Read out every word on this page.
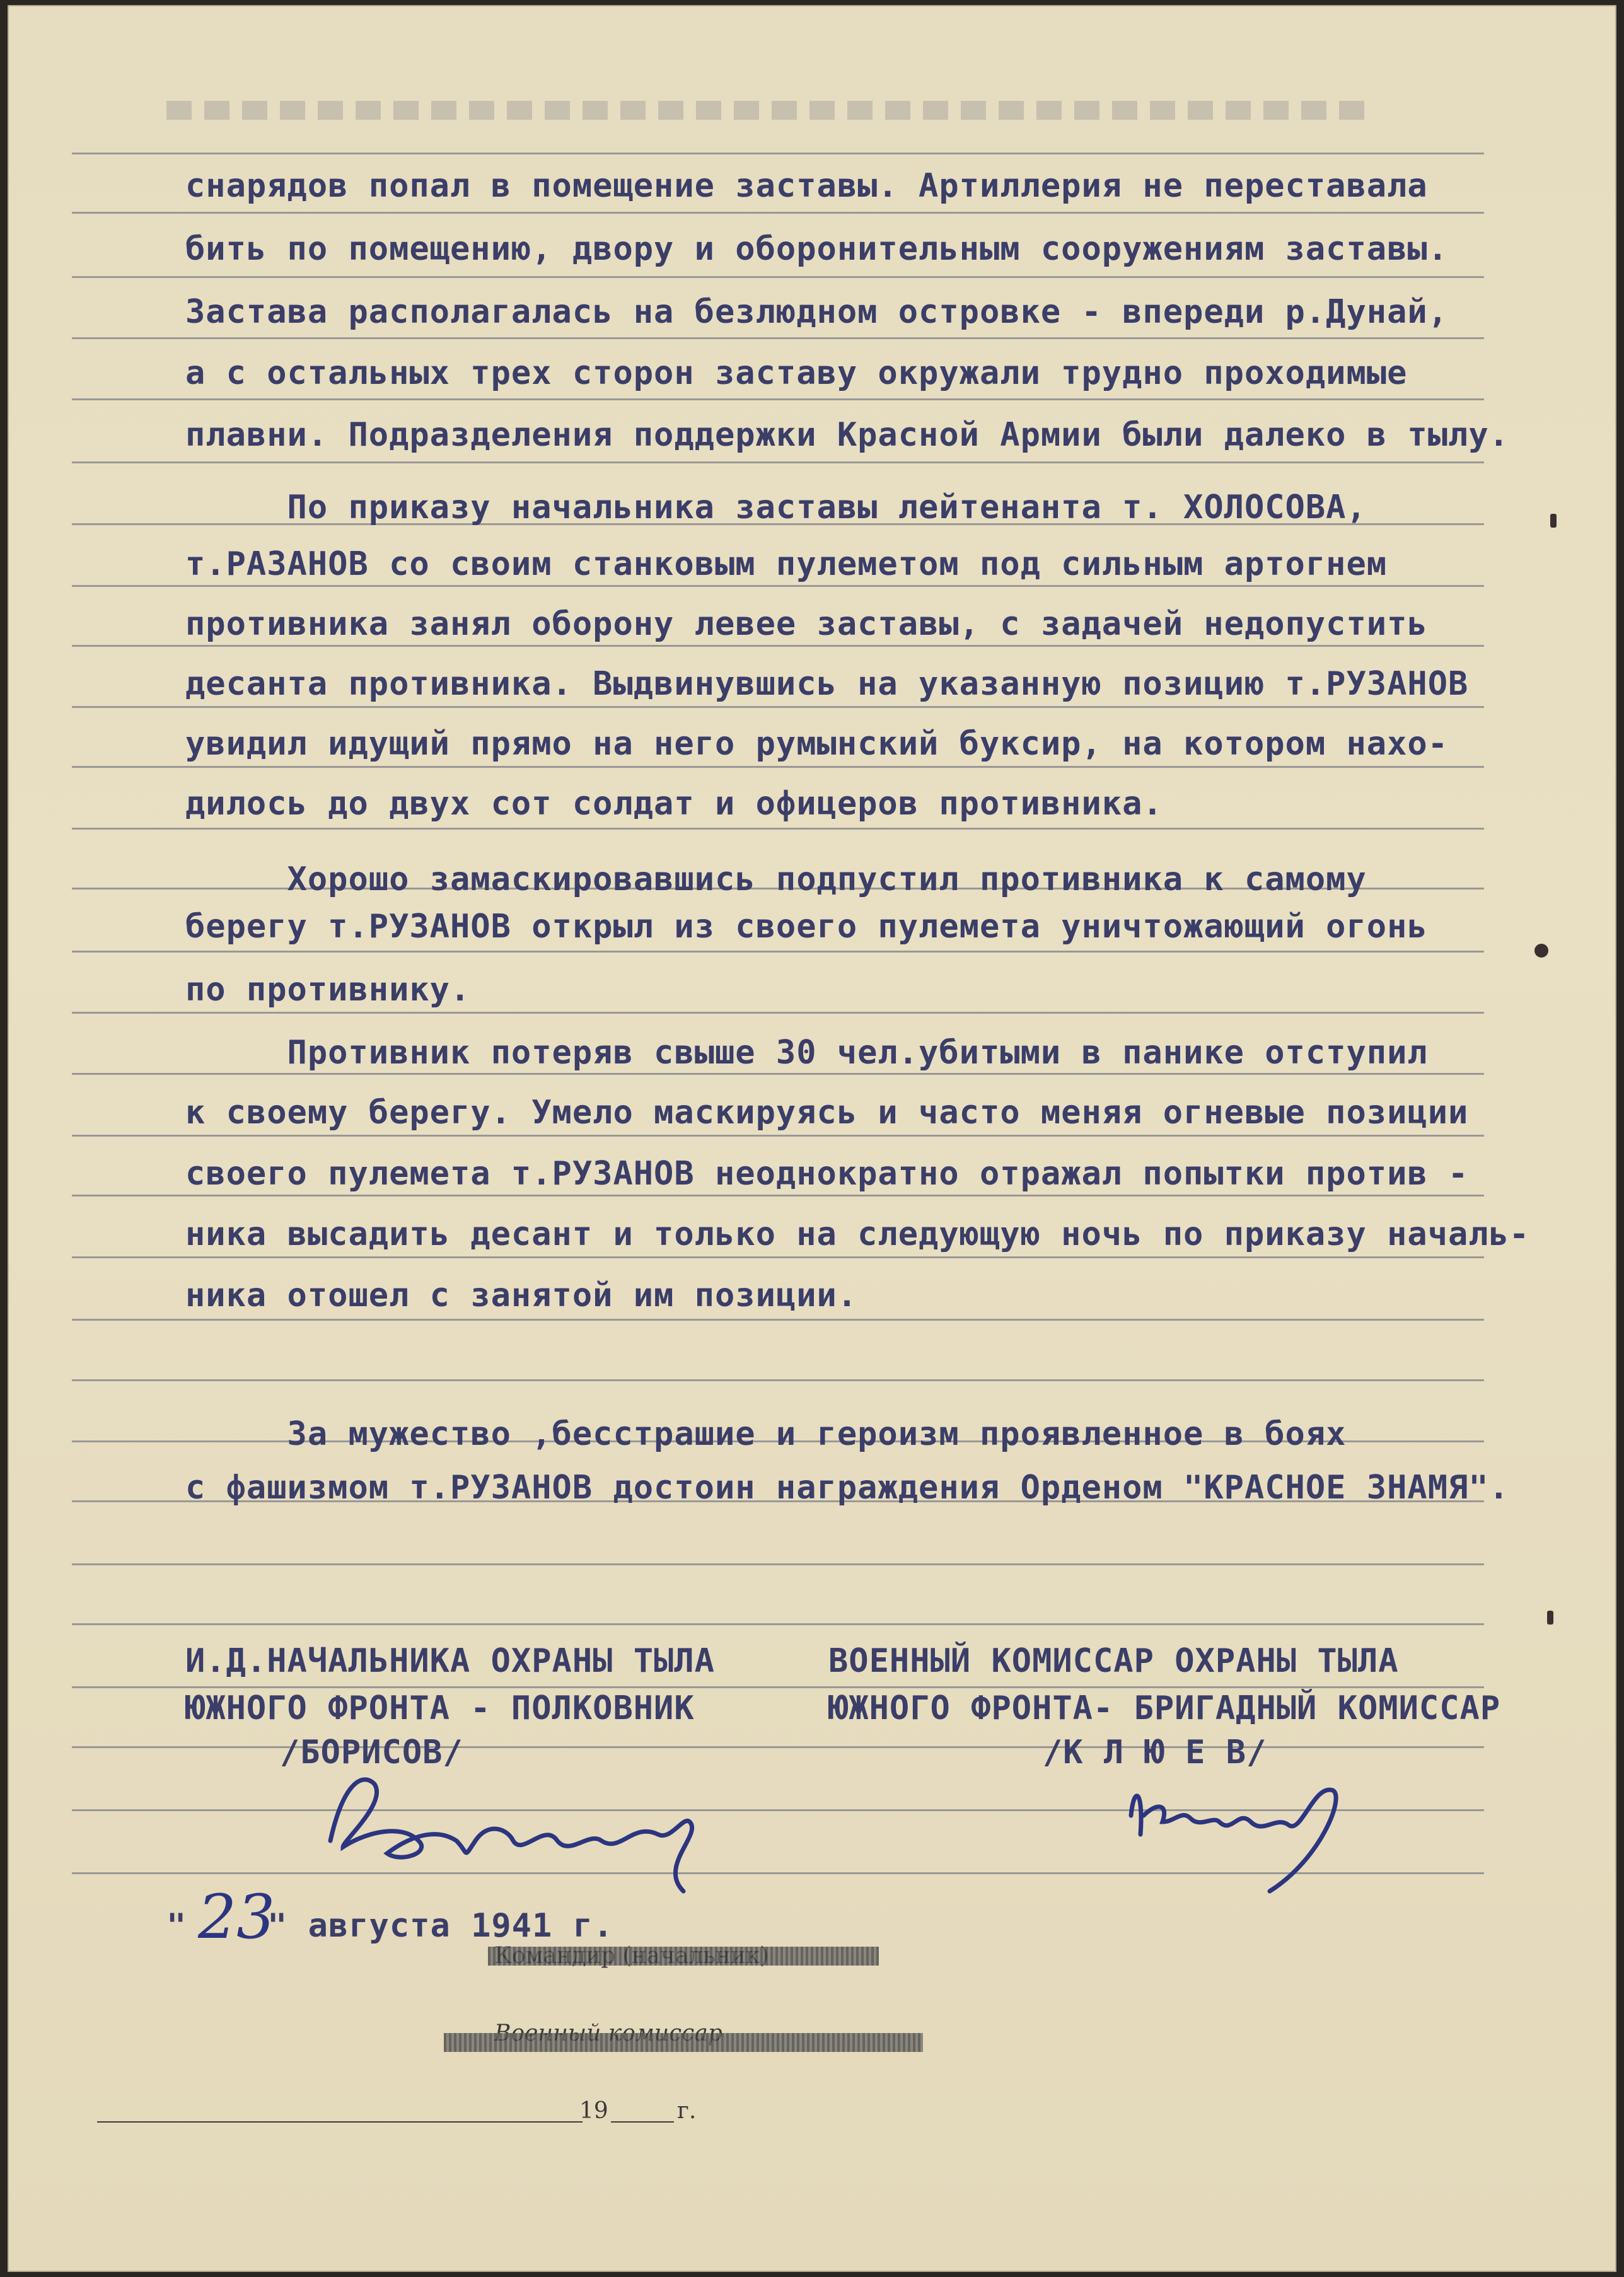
снарядов попал в помещение заставы. Артиллерия не переставала
бить по помещению, двору и оборонительным сооружениям заставы.
Застава располагалась на безлюдном островке - впереди р.Дунай,
а с остальных трех сторон заставу окружали трудно проходимые
плавни. Подразделения поддержки Красной Армии были далеко в тылу.
По приказу начальника заставы лейтенанта т. ХОЛОСОВА,
т.РАЗАНОВ со своим станковым пулеметом под сильным артогнем
противника занял оборону левее заставы, с задачей недопустить
десанта противника. Выдвинувшись на указанную позицию т.РУЗАНОВ
увидил идущий прямо на него румынский буксир, на котором нахо-
дилось до двух сот солдат и офицеров противника.
Хорошо замаскировавшись подпустил противника к самому
берегу т.РУЗАНОВ открыл из своего пулемета уничтожающий огонь
по противнику.
Противник потеряв свыше 30 чел.убитыми в панике отступил
к своему берегу. Умело маскируясь и часто меняя огневые позиции
своего пулемета т.РУЗАНОВ неоднократно отражал попытки против -
ника высадить десант и только на следующую ночь по приказу началь-
ника отошел с занятой им позиции.
За мужество ,бесстрашие и героизм проявленное в боях
с фашизмом т.РУЗАНОВ достоин награждения Орденом "КРАСНОЕ ЗНАМЯ".
И.Д.НАЧАЛЬНИКА ОХРАНЫ ТЫЛА
ЮЖНОГО ФРОНТА - ПОЛКОВНИК
/БОРИСОВ/
ВОЕННЫЙ КОМИССАР ОХРАНЫ ТЫЛА
ЮЖНОГО ФРОНТА- БРИГАДНЫЙ КОМИССАР
/К Л Ю Е В/
" 23
" августа 1941 г.
19	г.
